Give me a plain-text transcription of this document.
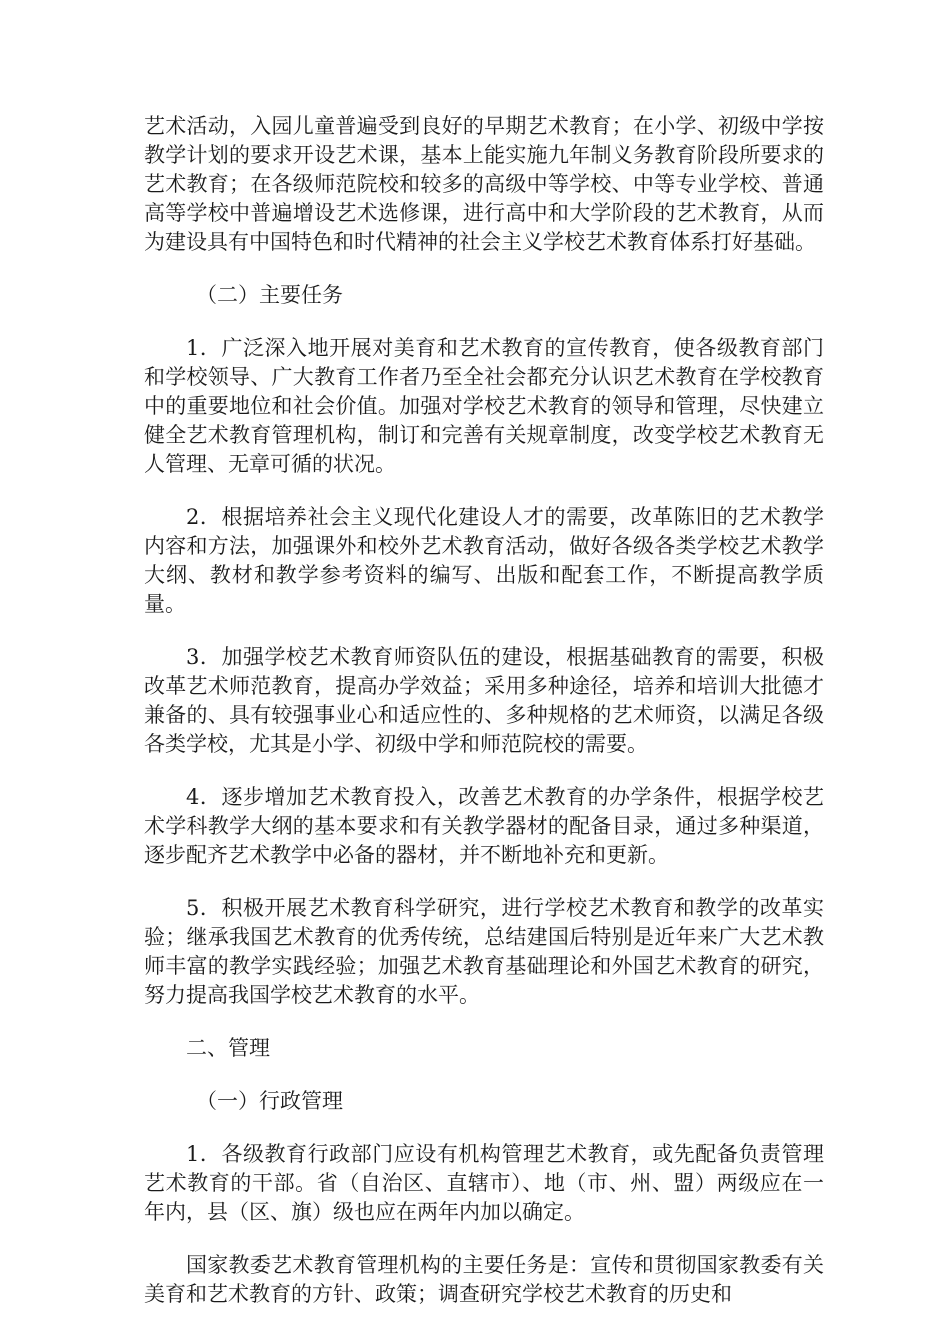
艺术活动，入园儿童普遍受到良好的早期艺术教育；在小学、初级中学按教学计划的要求开设艺术课，基本上能实施九年制义务教育阶段所要求的艺术教育；在各级师范院校和较多的高级中等学校、中等专业学校、普通高等学校中普遍增设艺术选修课，进行高中和大学阶段的艺术教育，从而为建设具有中国特色和时代精神的社会主义学校艺术教育体系打好基础。

（二）主要任务

1．广泛深入地开展对美育和艺术教育的宣传教育，使各级教育部门和学校领导、广大教育工作者乃至全社会都充分认识艺术教育在学校教育中的重要地位和社会价值。加强对学校艺术教育的领导和管理，尽快建立健全艺术教育管理机构，制订和完善有关规章制度，改变学校艺术教育无人管理、无章可循的状况。

2．根据培养社会主义现代化建设人才的需要，改革陈旧的艺术教学内容和方法，加强课外和校外艺术教育活动，做好各级各类学校艺术教学大纲、教材和教学参考资料的编写、出版和配套工作，不断提高教学质量。

3．加强学校艺术教育师资队伍的建设，根据基础教育的需要，积极改革艺术师范教育，提高办学效益；采用多种途径，培养和培训大批德才兼备的、具有较强事业心和适应性的、多种规格的艺术师资，以满足各级各类学校，尤其是小学、初级中学和师范院校的需要。

4．逐步增加艺术教育投入，改善艺术教育的办学条件，根据学校艺术学科教学大纲的基本要求和有关教学器材的配备目录，通过多种渠道，逐步配齐艺术教学中必备的器材，并不断地补充和更新。

5．积极开展艺术教育科学研究，进行学校艺术教育和教学的改革实验；继承我国艺术教育的优秀传统，总结建国后特别是近年来广大艺术教师丰富的教学实践经验；加强艺术教育基础理论和外国艺术教育的研究，努力提高我国学校艺术教育的水平。

二、管理

（一）行政管理

1．各级教育行政部门应设有机构管理艺术教育，或先配备负责管理艺术教育的干部。省（自治区、直辖市）、地（市、州、盟）两级应在一年内，县（区、旗）级也应在两年内加以确定。

国家教委艺术教育管理机构的主要任务是：宣传和贯彻国家教委有关美育和艺术教育的方针、政策；调查研究学校艺术教育的历史和
